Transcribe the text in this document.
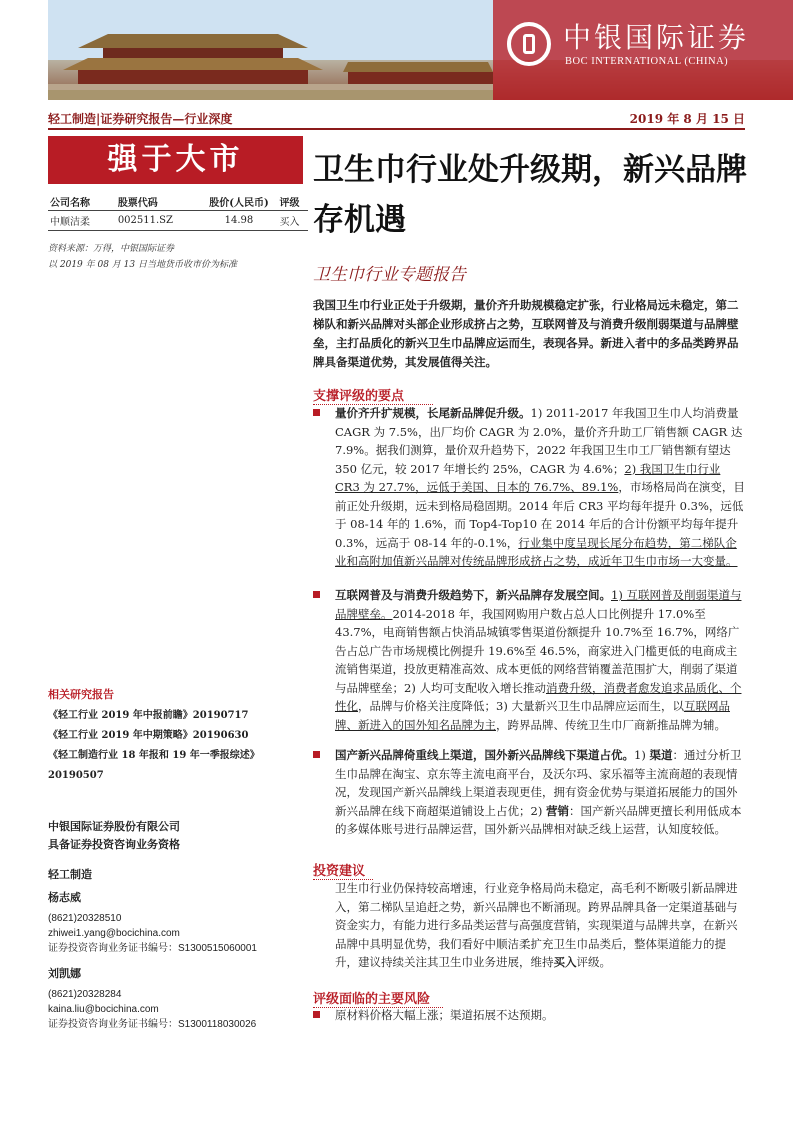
中银国际证券
BOC INTERNATIONAL (CHINA)
轻工制造|证券研究报告—行业深度	2019 年 8 月 15 日
强于大市
公司名称	股票代码	股价(人民币)	评级
中顺洁柔	002511.SZ	14.98	买入
资料来源：万得，中银国际证券
以 2019 年 08 月 13 日当地货币收市价为标准
卫生巾行业处升级期，新兴品牌存机遇
卫生巾行业专题报告
我国卫生巾行业正处于升级期，量价齐升助规模稳定扩张，行业格局远未稳定，第二梯队和新兴品牌对头部企业形成挤占之势，互联网普及与消费升级削弱渠道与品牌壁垒，主打品质化的新兴卫生巾品牌应运而生，表现各异。新进入者中的多品类跨界品牌具备渠道优势，其发展值得关注。
支撑评级的要点
量价齐升扩规模，长尾新品牌促升级。1) 2011-2017 年我国卫生巾人均消费量 CAGR 为 7.5%，出厂均价 CAGR 为 2.0%，量价齐升助工厂销售额 CAGR 达 7.9%。据我们测算，量价双升趋势下，2022 年我国卫生巾工厂销售额有望达 350 亿元，较 2017 年增长约 25%，CAGR 为 4.6%；2) 我国卫生巾行业 CR3 为 27.7%，远低于美国、日本的 76.7%、89.1%，市场格局尚在演变，目前正处升级期，远未到格局稳固期。2014 年后 CR3 平均每年提升 0.3%，远低于 08-14 年的 1.6%，而 Top4-Top10 在 2014 年后的合计份额平均每年提升 0.3%，远高于 08-14 年的-0.1%，行业集中度呈现长尾分布趋势，第二梯队企业和高附加值新兴品牌对传统品牌形成挤占之势，成近年卫生巾市场一大变量。
互联网普及与消费升级趋势下，新兴品牌存发展空间。1) 互联网普及削弱渠道与品牌壁垒。2014-2018 年，我国网购用户数占总人口比例提升 17.0%至 43.7%，电商销售额占快消品城镇零售渠道份额提升 10.7%至 16.7%，网络广告占总广告市场规模比例提升 19.6%至 46.5%，商家进入门槛更低的电商成主流销售渠道，投放更精准高效、成本更低的网络营销覆盖范围扩大，削弱了渠道与品牌壁垒；2) 人均可支配收入增长推动消费升级，消费者愈发追求品质化、个性化，品牌与价格关注度降低；3) 大量新兴卫生巾品牌应运而生，以互联网品牌、新进入的国外知名品牌为主，跨界品牌、传统卫生巾厂商新推品牌为辅。
国产新兴品牌倚重线上渠道，国外新兴品牌线下渠道占优。1) 渠道：通过分析卫生巾品牌在淘宝、京东等主流电商平台，及沃尔玛、家乐福等主流商超的表现情况，发现国产新兴品牌线上渠道表现更佳，拥有资金优势与渠道拓展能力的国外新兴品牌在线下商超渠道铺设上占优；2) 营销：国产新兴品牌更擅长利用低成本的多媒体账号进行品牌运营，国外新兴品牌相对缺乏线上运营，认知度较低。
投资建议
卫生巾行业仍保持较高增速，行业竞争格局尚未稳定，高毛利不断吸引新品牌进入，第二梯队呈追赶之势，新兴品牌也不断涌现。跨界品牌具备一定渠道基础与资金实力，有能力进行多品类运营与高强度营销，实现渠道与品牌共享，在新兴品牌中具明显优势，我们看好中顺洁柔扩充卫生巾品类后，整体渠道能力的提升，建议持续关注其卫生巾业务进展，维持买入评级。
评级面临的主要风险
原材料价格大幅上涨；渠道拓展不达预期。
相关研究报告
《轻工行业 2019 年中报前瞻》20190717
《轻工行业 2019 年中期策略》20190630
《轻工制造行业 18 年报和 19 年一季报综述》20190507
中银国际证券股份有限公司
具备证券投资咨询业务资格
轻工制造
杨志威
(8621)20328510
zhiwei1.yang@bocichina.com
证券投资咨询业务证书编号：S1300515060001
刘凯娜
(8621)20328284
kaina.liu@bocichina.com
证券投资咨询业务证书编号：S1300118030026
